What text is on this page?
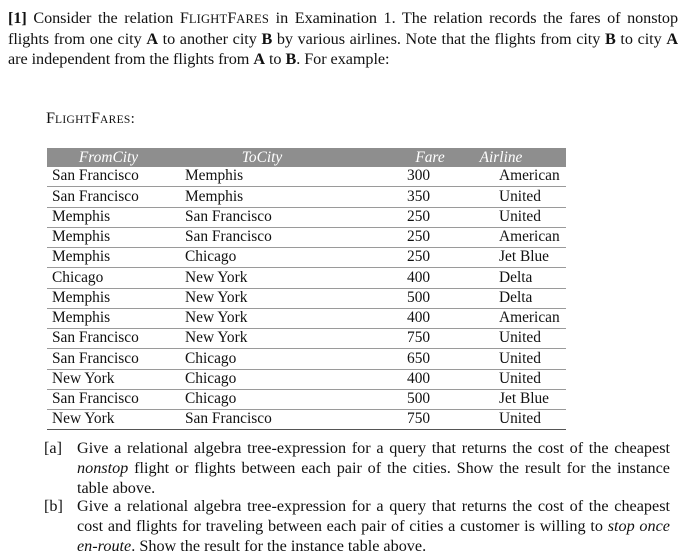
[1] Consider the relation FLIGHTFARES in Examination 1. The relation records the fares of nonstop flights from one city A to another city B by various airlines. Note that the flights from city B to city A are independent from the flights from A to B. For example:

FLIGHTFARES:
FromCity	ToCity	Fare	Airline
San Francisco	Memphis	300	American
San Francisco	Memphis	350	United
Memphis	San Francisco	250	United
Memphis	San Francisco	250	American
Memphis	Chicago	250	Jet Blue
Chicago	New York	400	Delta
Memphis	New York	500	Delta
Memphis	New York	400	American
San Francisco	New York	750	United
San Francisco	Chicago	650	United
New York	Chicago	400	United
San Francisco	Chicago	500	Jet Blue
New York	San Francisco	750	United
[a] Give a relational algebra tree-expression for a query that returns the cost of the cheapest nonstop flight or flights between each pair of the cities. Show the result for the instance table above.
[b] Give a relational algebra tree-expression for a query that returns the cost of the cheapest cost and flights for traveling between each pair of cities a customer is willing to stop once en-route. Show the result for the instance table above.
